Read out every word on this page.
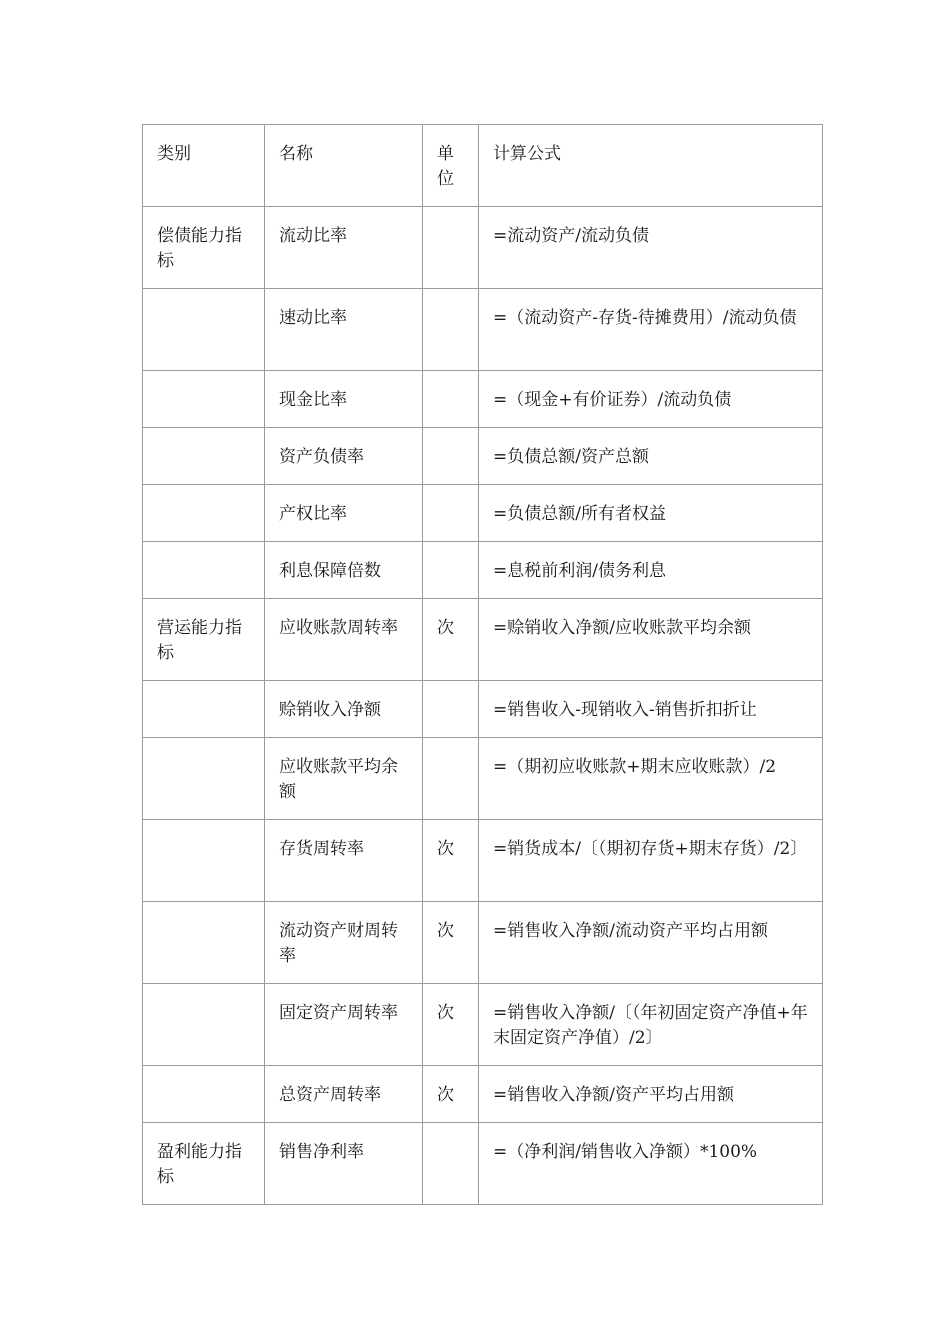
类别	名称	单位	计算公式
偿债能力指标	流动比率		=流动资产/流动负债
	速动比率		=（流动资产-存货-待摊费用）/流动负债
	现金比率		=（现金+有价证券）/流动负债
	资产负债率		=负债总额/资产总额
	产权比率		=负债总额/所有者权益
	利息保障倍数		=息税前利润/债务利息
营运能力指标	应收账款周转率	次	=赊销收入净额/应收账款平均余额
	赊销收入净额		=销售收入-现销收入-销售折扣折让
	应收账款平均余额		=（期初应收账款+期末应收账款）/2
	存货周转率	次	=销货成本/〔（期初存货+期末存货）/2〕
	流动资产财周转率	次	=销售收入净额/流动资产平均占用额
	固定资产周转率	次	=销售收入净额/〔（年初固定资产净值+年末固定资产净值）/2〕
	总资产周转率	次	=销售收入净额/资产平均占用额
盈利能力指标	销售净利率		=（净利润/销售收入净额）*100%
